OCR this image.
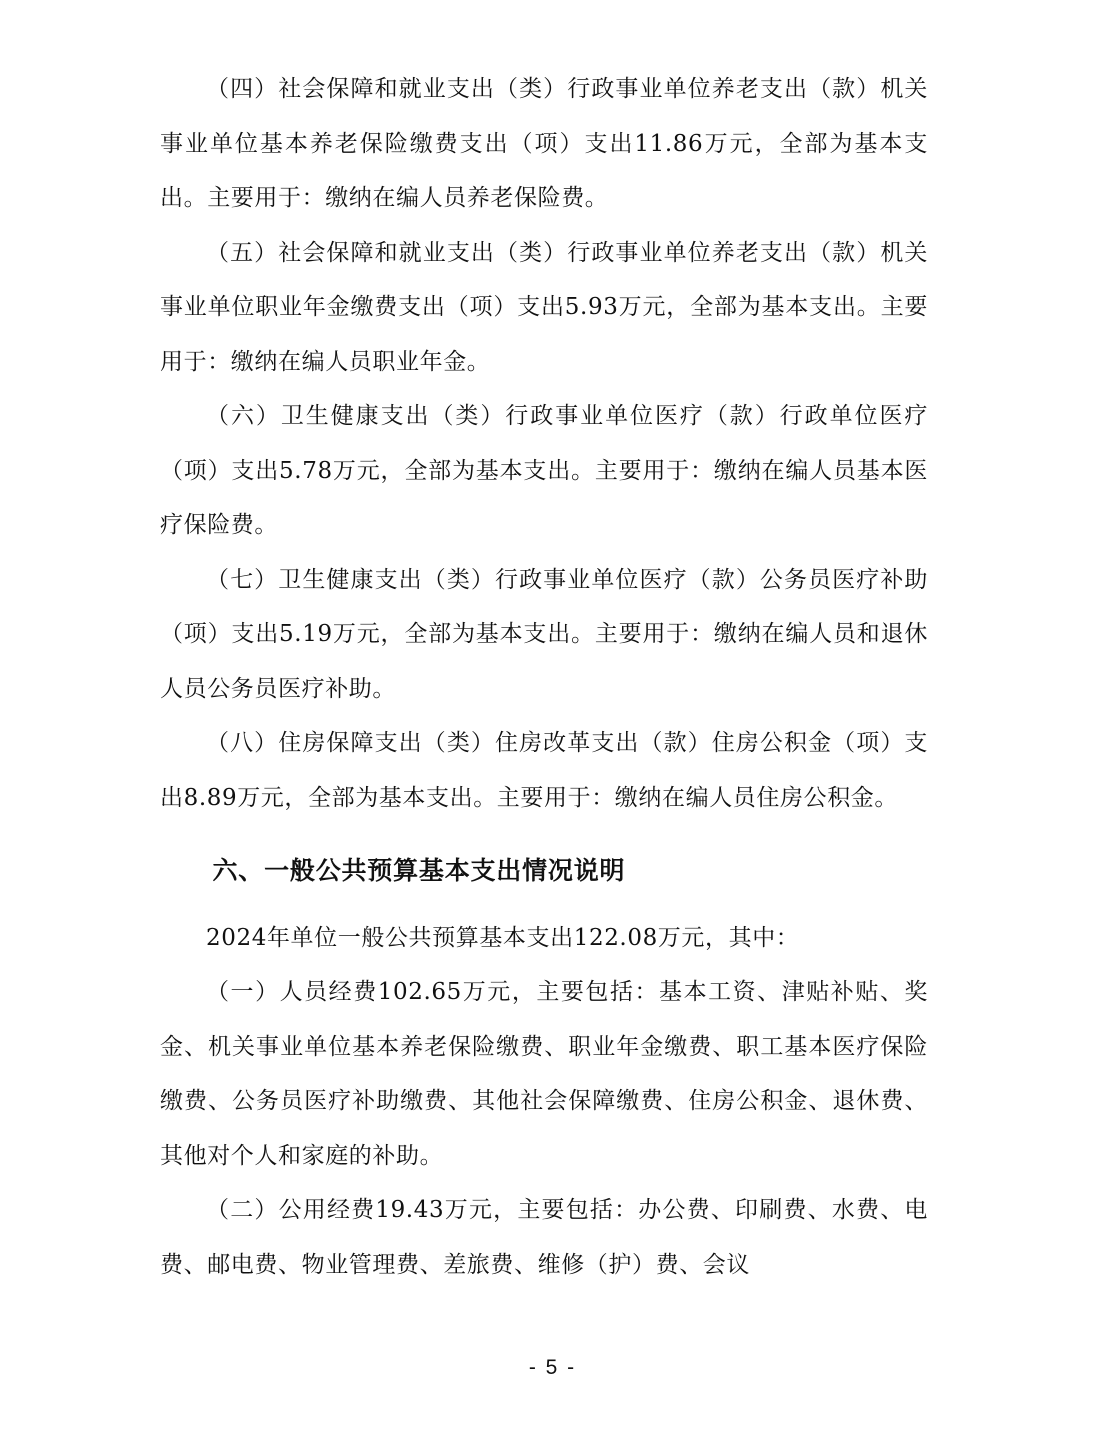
（四）社会保障和就业支出（类）行政事业单位养老支出（款）机关事业单位基本养老保险缴费支出（项）支出11.86万元，全部为基本支出。主要用于：缴纳在编人员养老保险费。

（五）社会保障和就业支出（类）行政事业单位养老支出（款）机关事业单位职业年金缴费支出（项）支出5.93万元，全部为基本支出。主要用于：缴纳在编人员职业年金。

（六）卫生健康支出（类）行政事业单位医疗（款）行政单位医疗（项）支出5.78万元，全部为基本支出。主要用于：缴纳在编人员基本医疗保险费。

（七）卫生健康支出（类）行政事业单位医疗（款）公务员医疗补助（项）支出5.19万元，全部为基本支出。主要用于：缴纳在编人员和退休人员公务员医疗补助。

（八）住房保障支出（类）住房改革支出（款）住房公积金（项）支出8.89万元，全部为基本支出。主要用于：缴纳在编人员住房公积金。

六、一般公共预算基本支出情况说明

2024年单位一般公共预算基本支出122.08万元，其中：

（一）人员经费102.65万元，主要包括：基本工资、津贴补贴、奖金、机关事业单位基本养老保险缴费、职业年金缴费、职工基本医疗保险缴费、公务员医疗补助缴费、其他社会保障缴费、住房公积金、退休费、其他对个人和家庭的补助。

（二）公用经费19.43万元，主要包括：办公费、印刷费、水费、电费、邮电费、物业管理费、差旅费、维修（护）费、会议

- 5 -
